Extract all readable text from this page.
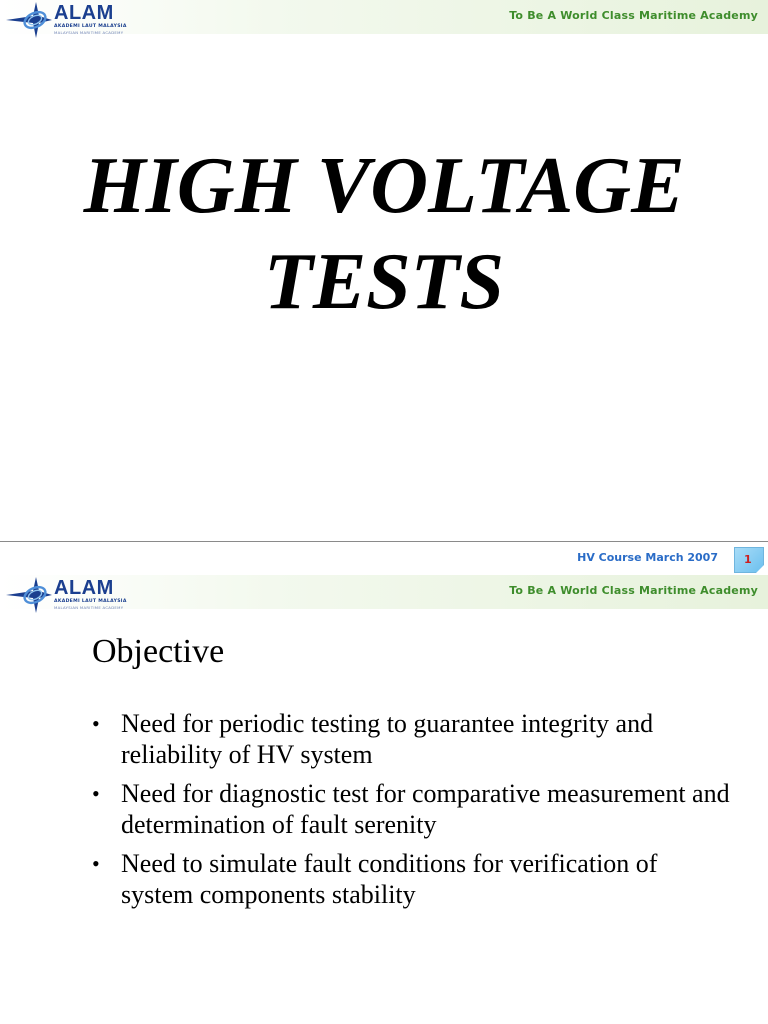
ALAM
AKADEMI LAUT MALAYSIA
MALAYSIAN MARITIME ACADEMY
To Be A World Class Maritime Academy
HIGH VOLTAGE
TESTS
HV Course March 2007 1
ALAM
AKADEMI LAUT MALAYSIA
MALAYSIAN MARITIME ACADEMY
To Be A World Class Maritime Academy
Objective
• Need for periodic testing to guarantee integrity and reliability of HV system
• Need for diagnostic test for comparative measurement and determination of fault serenity
• Need to simulate fault conditions for verification of system components stability
